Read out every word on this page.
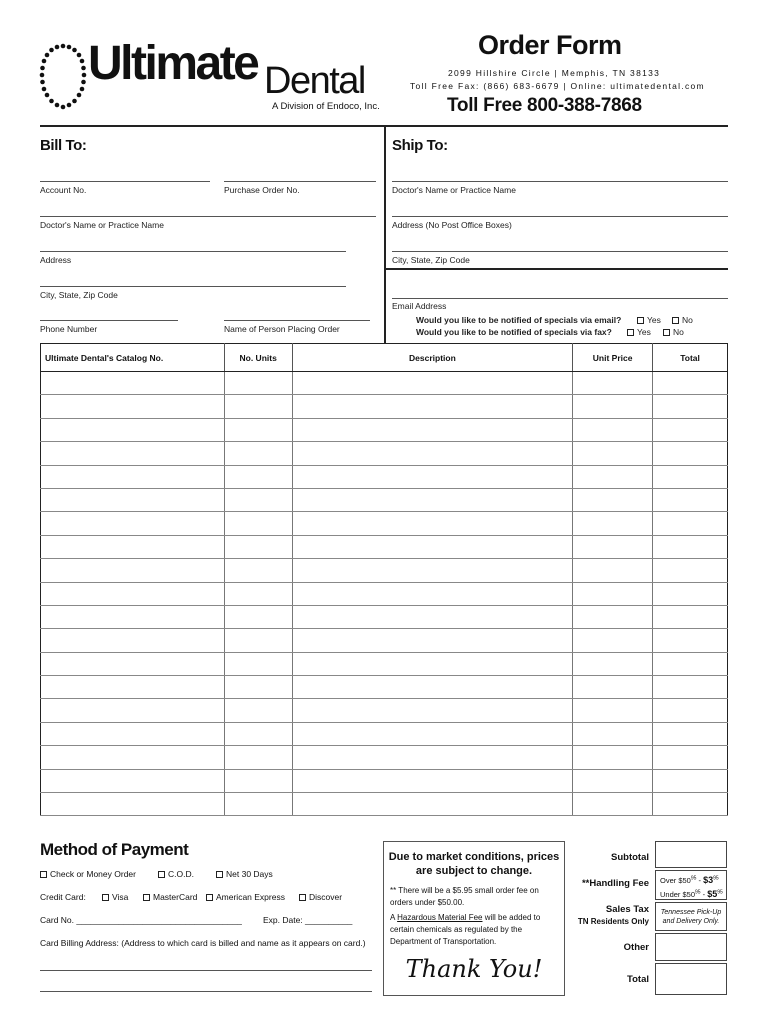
Ultimate Dental
A Division of Endoco, Inc.
Order Form
2099 Hillshire Circle | Memphis, TN 38133
Toll Free Fax: (866) 683-6679 | Online: ultimatedental.com
Toll Free 800-388-7868
Bill To:
Account No.	Purchase Order No.
Doctor's Name or Practice Name
Address
City, State, Zip Code
Phone Number	Name of Person Placing Order
Ship To:
Doctor's Name or Practice Name
Address (No Post Office Boxes)
City, State, Zip Code
Email Address
Would you like to be notified of specials via email?	Yes	No
Would you like to be notified of specials via fax?	Yes	No
Ultimate Dental's Catalog No.	No. Units	Description	Unit Price	Total

Method of Payment
Check or Money Order	C.O.D.	Net 30 Days
Credit Card:	Visa	MasterCard	American Express	Discover
Card No. ___________________________________ Exp. Date: __________
Card Billing Address: (Address to which card is billed and name as it appears on card.)
Due to market conditions, prices are subject to change.
** There will be a $5.95 small order fee on orders under $50.00.
A Hazardous Material Fee will be added to certain chemicals as regulated by the Department of Transportation.
Thank You!
Subtotal
**Handling Fee Over $\$50^{95}$ - $\$3^{95}$
Under $\$50^{95}$ - $\$5^{95}$
Sales Tax
TN Residents Only
Tennessee Pick-Up and Delivery Only.
Other
Total
